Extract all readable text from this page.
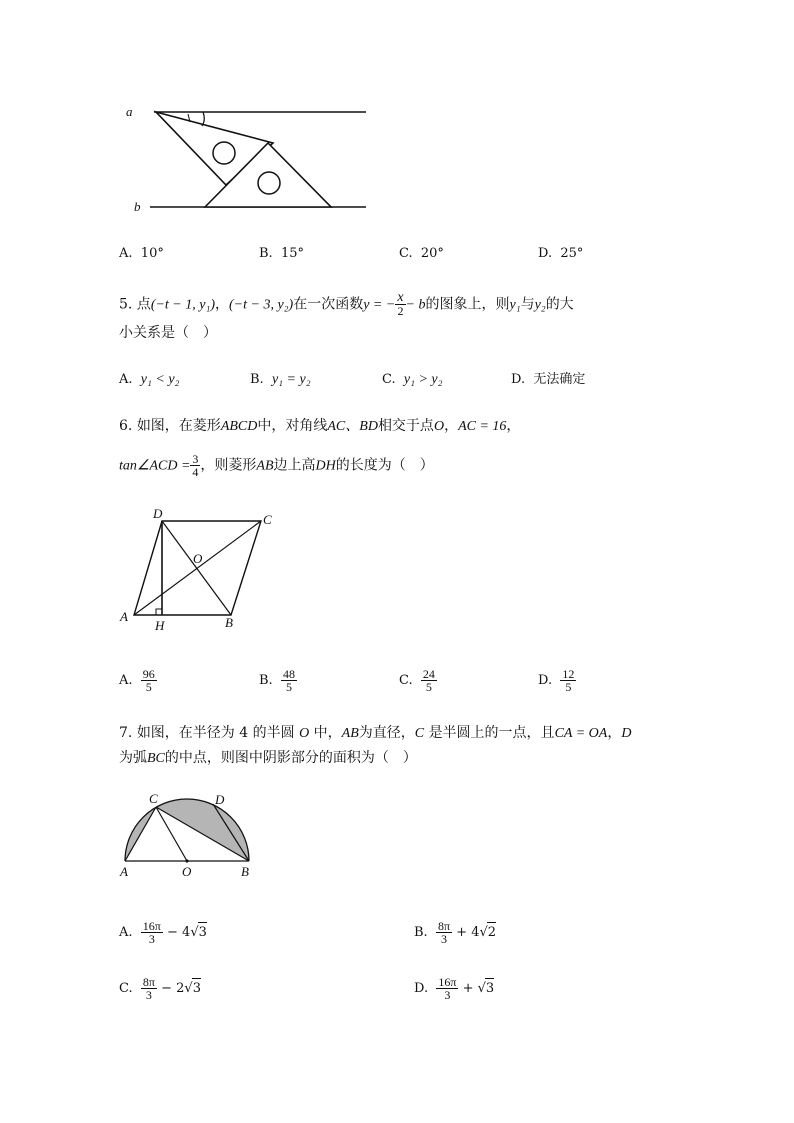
a
b
A. 10°	B. 15°	C. 20°	D. 25°
5. 点(−t − 1, y₁)，(−t − 3, y₂)在一次函数y = − $\frac{x}{2} - b$的图象上，则y₁与y₂的大
小关系是（　）
A. y₁ < y₂	B. y₁ = y₂	C. y₁ > y₂	D. 无法确定
6. 如图，在菱形ABCD中，对角线AC、BD相交于点O，AC = 16，
tan∠ACD = $\frac{3}{4}$ ，则菱形AB边上高DH的长度为（　）
D	C
O
A
H	B
A. $\frac{96}{5}$	B. $\frac{48}{5}$	C. $\frac{24}{5}$	D. $\frac{12}{5}$
7. 如图，在半径为 4 的半圆 O 中，AB为直径，C 是半圆上的一点，且CA = OA，D
为弧BC的中点，则图中阴影部分的面积为（　）
C	D
A	O	B
A. $\frac{16\pi}{3} - 4√3$	B. $\frac{8\pi}{3} + 4√2$
C. $\frac{8\pi}{3} - 2√3$	D. $\frac{16\pi}{3} + √3$
